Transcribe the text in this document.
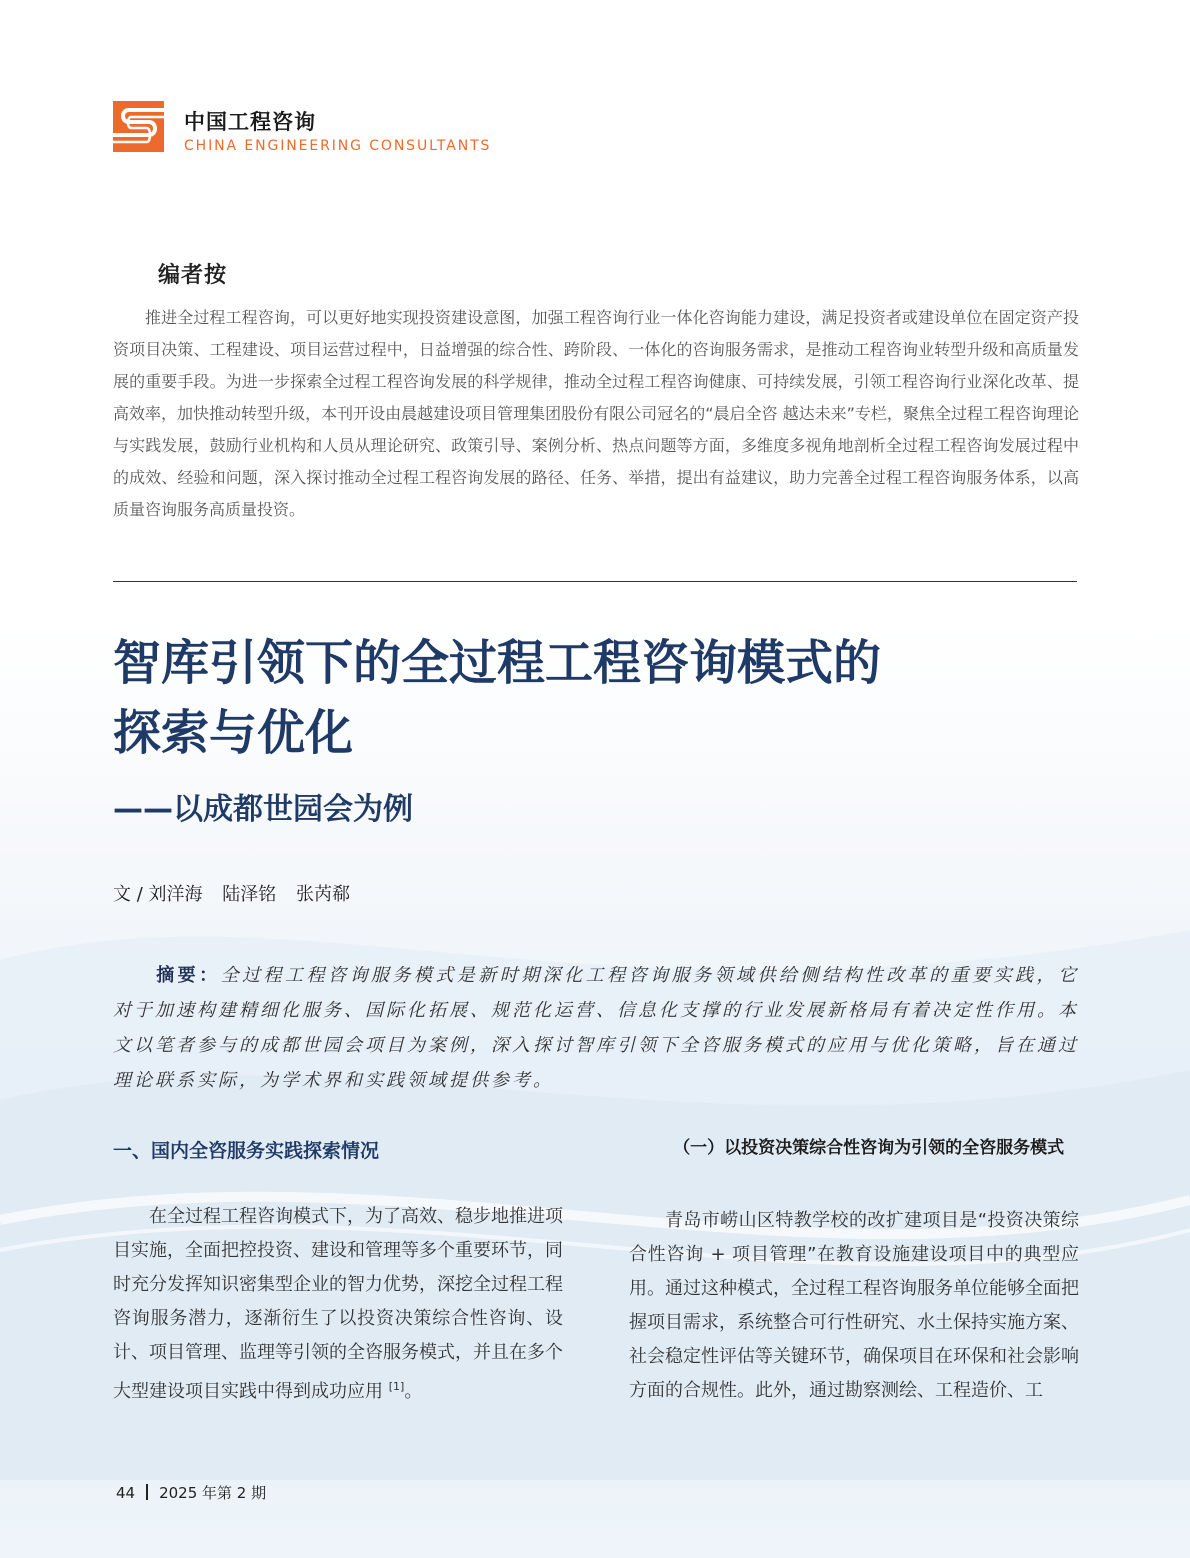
中国工程咨询
CHINA ENGINEERING CONSULTANTS
编者按
推进全过程工程咨询，可以更好地实现投资建设意图，加强工程咨询行业一体化咨询能力建设，满足投资者或建设单位在固定资产投资项目决策、工程建设、项目运营过程中，日益增强的综合性、跨阶段、一体化的咨询服务需求，是推动工程咨询业转型升级和高质量发展的重要手段。为进一步探索全过程工程咨询发展的科学规律，推动全过程工程咨询健康、可持续发展，引领工程咨询行业深化改革、提高效率，加快推动转型升级，本刊开设由晨越建设项目管理集团股份有限公司冠名的“晨启全咨 越达未来”专栏，聚焦全过程工程咨询理论与实践发展，鼓励行业机构和人员从理论研究、政策引导、案例分析、热点问题等方面，多维度多视角地剖析全过程工程咨询发展过程中的成效、经验和问题，深入探讨推动全过程工程咨询发展的路径、任务、举措，提出有益建议，助力完善全过程工程咨询服务体系，以高质量咨询服务高质量投资。
智库引领下的全过程工程咨询模式的
探索与优化
——以成都世园会为例
文 / 刘洋海 陆泽铭 张芮郗
摘要：全过程工程咨询服务模式是新时期深化工程咨询服务领域供给侧结构性改革的重要实践，它对于加速构建精细化服务、国际化拓展、规范化运营、信息化支撑的行业发展新格局有着决定性作用。本文以笔者参与的成都世园会项目为案例，深入探讨智库引领下全咨服务模式的应用与优化策略，旨在通过理论联系实际，为学术界和实践领域提供参考。
一、国内全咨服务实践探索情况
在全过程工程咨询模式下，为了高效、稳步地推进项目实施，全面把控投资、建设和管理等多个重要环节，同时充分发挥知识密集型企业的智力优势，深挖全过程工程咨询服务潜力，逐渐衍生了以投资决策综合性咨询、设计、项目管理、监理等引领的全咨服务模式，并且在多个大型建设项目实践中得到成功应用 [1]。
（一）以投资决策综合性咨询为引领的全咨服务模式
青岛市崂山区特教学校的改扩建项目是“投资决策综合性咨询 + 项目管理”在教育设施建设项目中的典型应用。通过这种模式，全过程工程咨询服务单位能够全面把握项目需求，系统整合可行性研究、水土保持实施方案、社会稳定性评估等关键环节，确保项目在环保和社会影响方面的合规性。此外，通过勘察测绘、工程造价、工
44 2025 年第 2 期
